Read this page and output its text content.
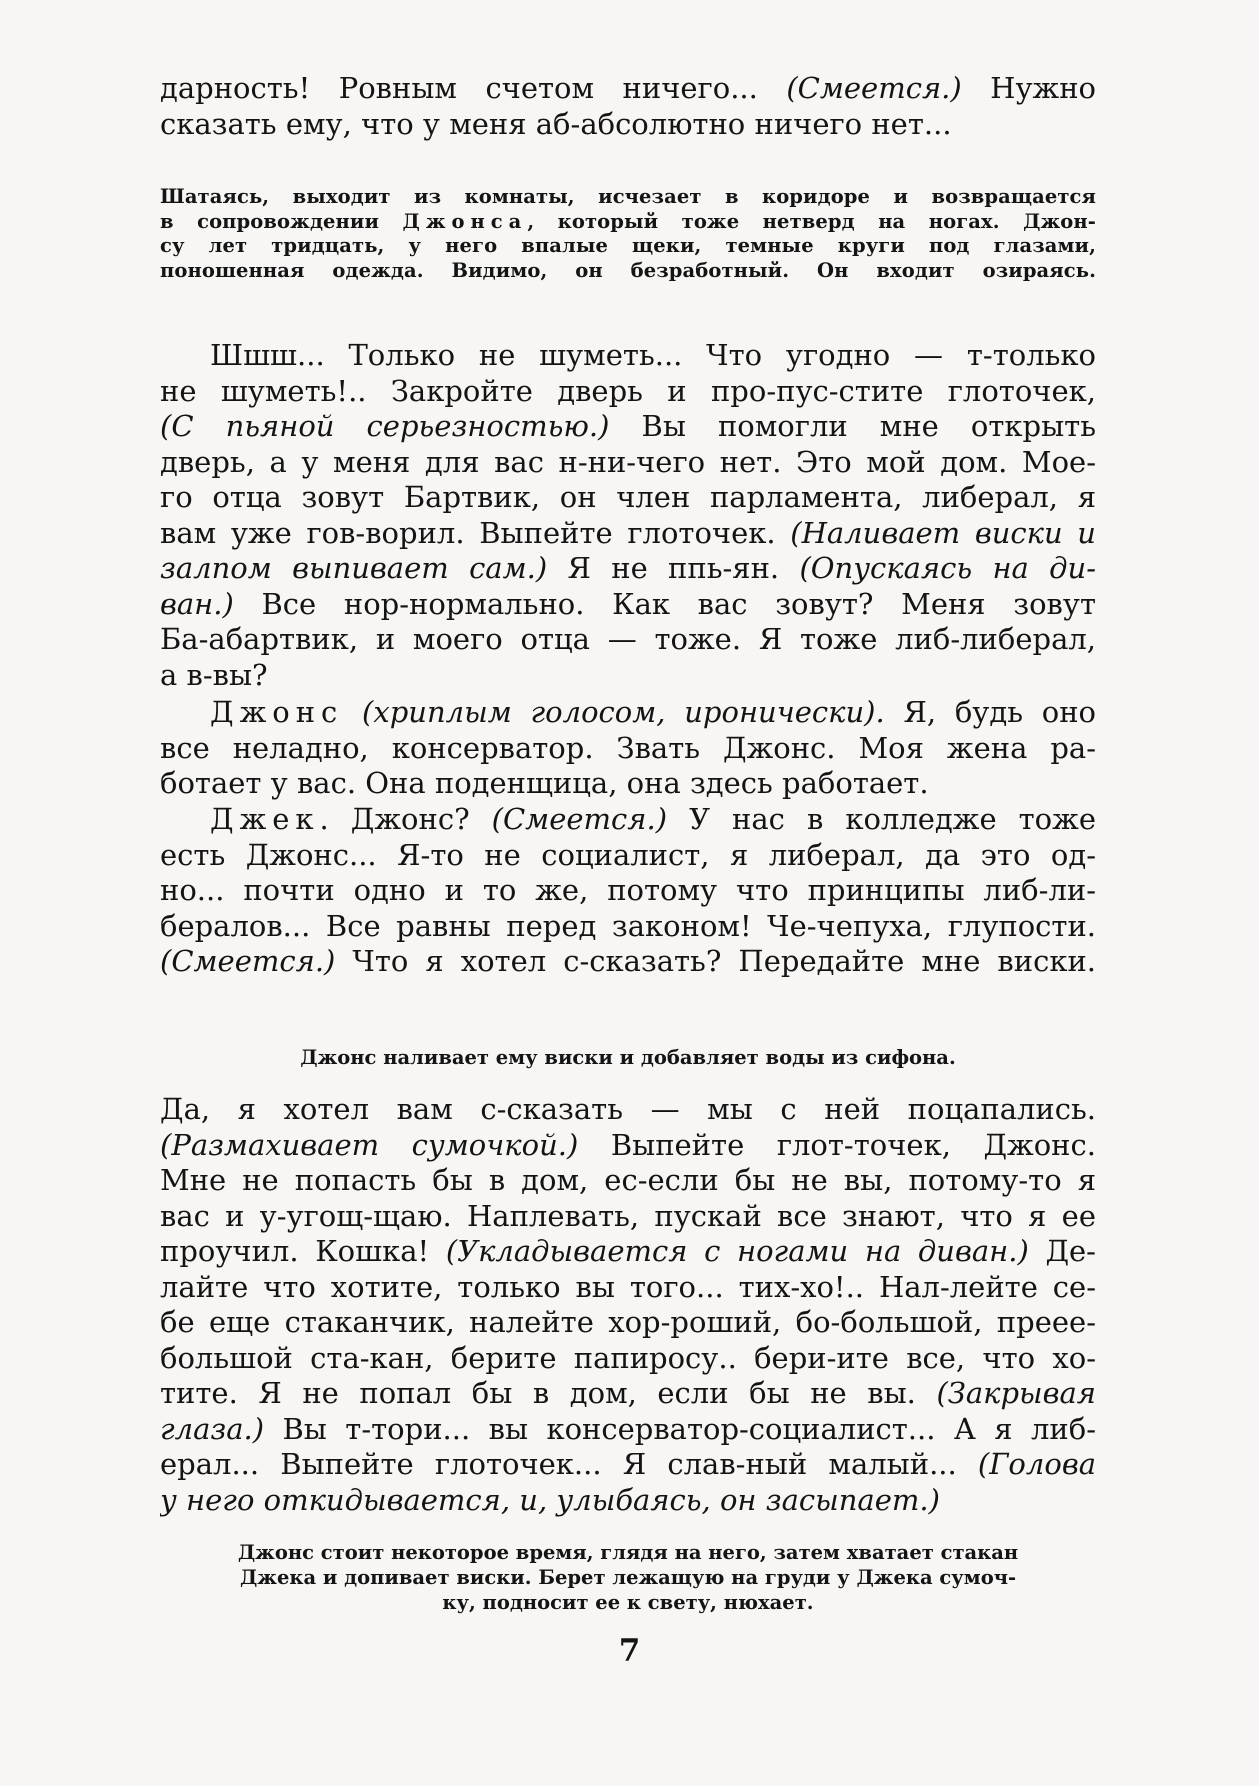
дарность! Ровным счетом ничего... (Смеется.) Нужно
сказать ему, что у меня аб-абсолютно ничего нет...
Шатаясь, выходит из комнаты, исчезает в коридоре и возвращается
в сопровождении Джонса, который тоже нетверд на ногах. Джон-
су лет тридцать, у него впалые щеки, темные круги под глазами,
поношенная одежда. Видимо, он безработный. Он входит озираясь.
Шшш... Только не шуметь... Что угодно — т-только
не шуметь!.. Закройте дверь и про-пус-стите глоточек,
(С пьяной серьезностью.) Вы помогли мне открыть
дверь, а у меня для вас н-ни-чего нет. Это мой дом. Мое-
го отца зовут Бартвик, он член парламента, либерал, я
вам уже гов-ворил. Выпейте глоточек. (Наливает виски и
залпом выпивает сам.) Я не ппь-ян. (Опускаясь на ди-
ван.) Все нор-нормально. Как вас зовут? Меня зовут
Ба-абартвик, и моего отца — тоже. Я тоже либ-либерал,
а в-вы?
Джонс (хриплым голосом, иронически). Я, будь оно
все неладно, консерватор. Звать Джонс. Моя жена ра-
ботает у вас. Она поденщица, она здесь работает.
Джек. Джонс? (Смеется.) У нас в колледже тоже
есть Джонс... Я-то не социалист, я либерал, да это од-
но... почти одно и то же, потому что принципы либ-ли-
бералов... Все равны перед законом! Че-чепуха, глупости.
(Смеется.) Что я хотел с-сказать? Передайте мне виски.
Джонс наливает ему виски и добавляет воды из сифона.
Да, я хотел вам с-сказать — мы с ней поцапались.
(Размахивает сумочкой.) Выпейте глот-точек, Джонс.
Мне не попасть бы в дом, ес-если бы не вы, потому-то я
вас и у-угощ-щаю. Наплевать, пускай все знают, что я ее
проучил. Кошка! (Укладывается с ногами на диван.) Де-
лайте что хотите, только вы того... тих-хо!.. Нал-лейте се-
бе еще стаканчик, налейте хор-роший, бо-большой, прeee-
большой ста-кан, берите папиросу.. бери-ите все, что хо-
тите. Я не попал бы в дом, если бы не вы. (Закрывая
глаза.) Вы т-тори... вы консерватор-социалист... А я либ-
ерал... Выпейте глоточек... Я слав-ный малый... (Голова
у него откидывается, и, улыбаясь, он засыпает.)
Джонс стоит некоторое время, глядя на него, затем хватает стакан
Джека и допивает виски. Берет лежащую на груди у Джека сумоч-
ку, подносит ее к свету, нюхает.
7
